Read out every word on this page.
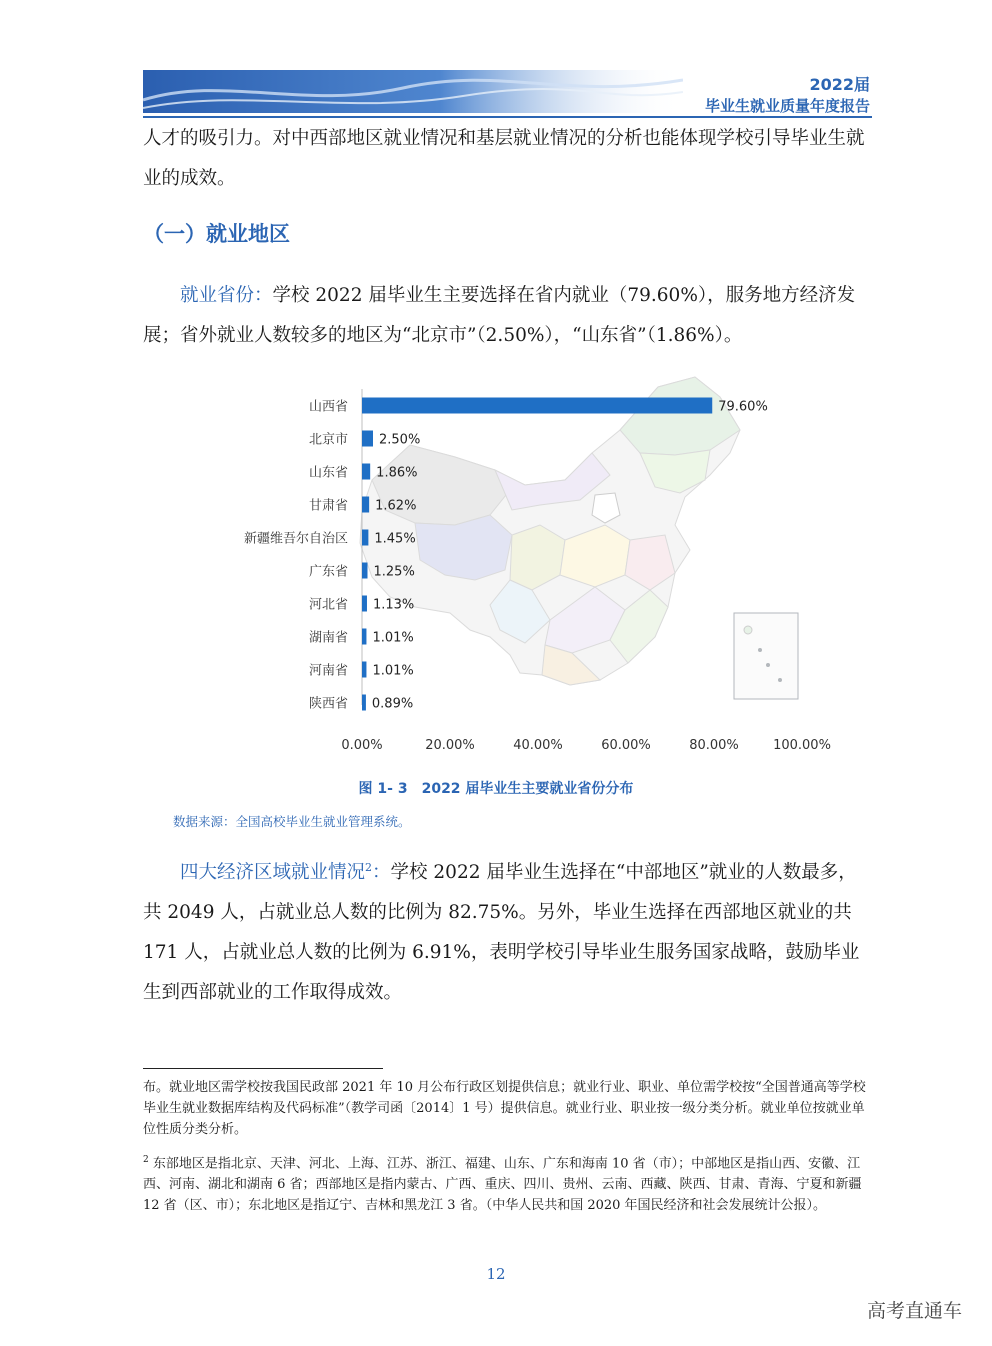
2022届
毕业生就业质量年度报告
人才的吸引力。对中西部地区就业情况和基层就业情况的分析也能体现学校引导毕业生就业的成效。
（一）就业地区
就业省份：学校 2022 届毕业生主要选择在省内就业（79.60%），服务地方经济发展；省外就业人数较多的地区为“北京市”（2.50%），“山东省”（1.86%）。
山西省	79.60%
北京市 2.50%
山东省 1.86%
甘肃省 1.62%
新疆维吾尔自治区 1.45%
广东省 1.25%
河北省 1.13%
湖南省 1.01%
河南省 1.01%
陕西省 0.89%
0.00%	20.00%	40.00%	60.00%	80.00%	100.00%
图 1- 3　2022 届毕业生主要就业省份分布
数据来源：全国高校毕业生就业管理系统。
四大经济区域就业情况$^2$：学校 2022 届毕业生选择在“中部地区”就业的人数最多，共 2049 人，占就业总人数的比例为 82.75%。另外，毕业生选择在西部地区就业的共 171 人，占就业总人数的比例为 6.91%，表明学校引导毕业生服务国家战略，鼓励毕业生到西部就业的工作取得成效。
布。就业地区需学校按我国民政部 2021 年 10 月公布行政区划提供信息；就业行业、职业、单位需学校按“全国普通高等学校毕业生就业数据库结构及代码标准”（教学司函〔2014〕1 号）提供信息。就业行业、职业按一级分类分析。就业单位按就业单位性质分类分析。
$^2$ 东部地区是指北京、天津、河北、上海、江苏、浙江、福建、山东、广东和海南 10 省（市）；中部地区是指山西、安徽、江西、河南、湖北和湖南 6 省；西部地区是指内蒙古、广西、重庆、四川、贵州、云南、西藏、陕西、甘肃、青海、宁夏和新疆 12 省（区、市）；东北地区是指辽宁、吉林和黑龙江 3 省。（中华人民共和国 2020 年国民经济和社会发展统计公报）。
12
高考直通车
